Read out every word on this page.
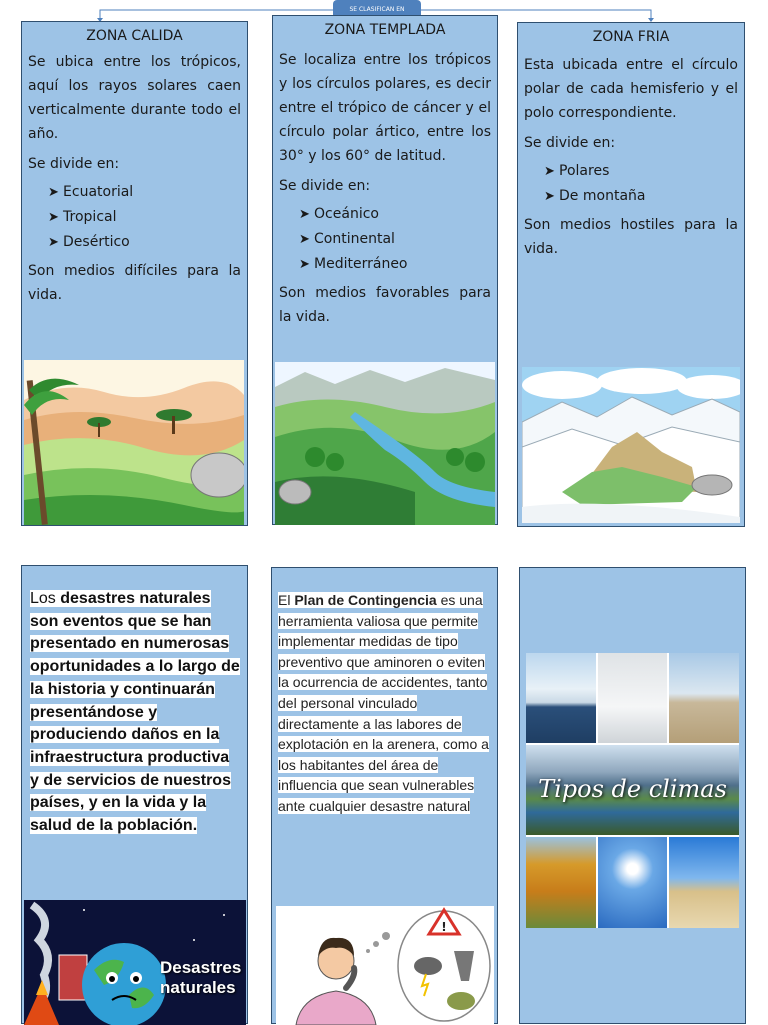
SE CLASIFICAN EN

ZONA CALIDA

Se ubica entre los trópicos, aquí los rayos solares caen verticalmente durante todo el año.

Se divide en:

➤ Ecuatorial
➤ Tropical
➤ Desértico

Son medios difíciles para la vida.

ZONA TEMPLADA

Se localiza entre los trópicos y los círculos polares, es decir entre el trópico de cáncer y el círculo polar ártico, entre los 30° y los 60° de latitud.

Se divide en:

➤ Oceánico
➤ Continental
➤ Mediterráneo

Son medios favorables para la vida.

ZONA FRIA

Esta ubicada entre el círculo polar de cada hemisferio y el polo correspondiente.

Se divide en:

➤ Polares
➤ De montaña

Son medios hostiles para la vida.

Los desastres naturales son eventos que se han presentado en numerosas oportunidades a lo largo de la historia y continuarán presentándose y produciendo daños en la infraestructura productiva y de servicios de nuestros países, y en la vida y la salud de la población.
Desastres naturales
El Plan de Contingencia es una herramienta valiosa que permite implementar medidas de tipo preventivo que aminoren o eviten la ocurrencia de accidentes, tanto del personal vinculado directamente a las labores de explotación en la arenera, como a los habitantes del área de influencia que sean vulnerables ante cualquier desastre natural
!
Tipos de climas
